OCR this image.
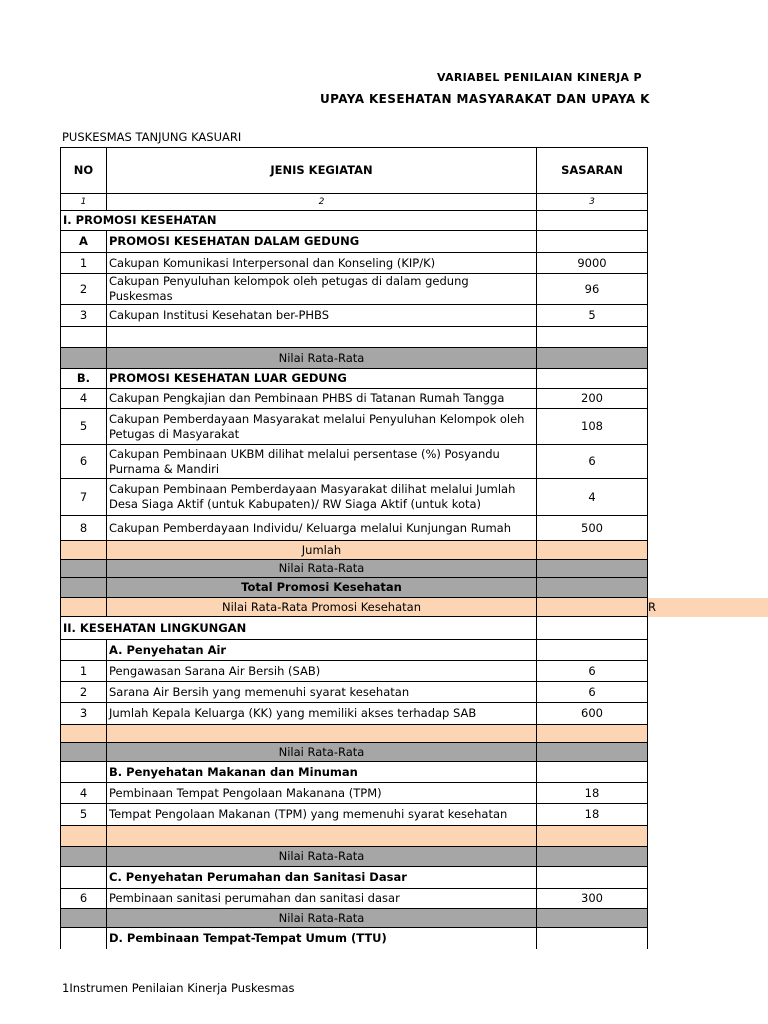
VARIABEL PENILAIAN KINERJA P
UPAYA KESEHATAN MASYARAKAT DAN UPAYA K
PUSKESMAS TANJUNG KASUARI
NO	JENIS KEGIATAN	SASARAN	
1	2	3	
I. PROMOSI KESEHATAN			
A	PROMOSI KESEHATAN DALAM GEDUNG		
1	Cakupan Komunikasi Interpersonal dan Konseling (KIP/K)	9000	
2	Cakupan Penyuluhan kelompok oleh petugas di dalam gedung Puskesmas	96	
3	Cakupan Institusi Kesehatan ber-PHBS	5	

	Nilai Rata-Rata		
B.	PROMOSI KESEHATAN LUAR GEDUNG		
4	Cakupan Pengkajian dan Pembinaan PHBS di Tatanan Rumah Tangga	200	
5	Cakupan Pemberdayaan Masyarakat melalui Penyuluhan Kelompok oleh Petugas di Masyarakat	108	
6	Cakupan Pembinaan UKBM dilihat melalui persentase (%) Posyandu Purnama & Mandiri	6	
7	Cakupan Pembinaan Pemberdayaan Masyarakat dilihat melalui Jumlah Desa Siaga Aktif (untuk Kabupaten)/ RW Siaga Aktif (untuk kota)	4	
8	Cakupan Pemberdayaan Individu/ Keluarga melalui Kunjungan Rumah	500	
	Jumlah		
	Nilai Rata-Rata		
	Total Promosi Kesehatan		
	Nilai Rata-Rata Promosi Kesehatan		R
II. KESEHATAN LINGKUNGAN			
	A. Penyehatan Air		
1	Pengawasan Sarana Air Bersih (SAB)	6	
2	Sarana Air Bersih yang memenuhi syarat kesehatan	6	
3	Jumlah Kepala Keluarga (KK) yang memiliki akses terhadap SAB	600	

	Nilai Rata-Rata		
	B. Penyehatan Makanan dan Minuman		
4	Pembinaan Tempat Pengolaan Makanana (TPM)	18	
5	Tempat Pengolaan Makanan (TPM) yang memenuhi syarat kesehatan	18	

	Nilai Rata-Rata		
	C. Penyehatan Perumahan dan Sanitasi Dasar		
6	Pembinaan sanitasi perumahan dan sanitasi dasar	300	
	Nilai Rata-Rata		
	D. Pembinaan Tempat-Tempat Umum (TTU)		
1Instrumen Penilaian Kinerja Puskesmas
